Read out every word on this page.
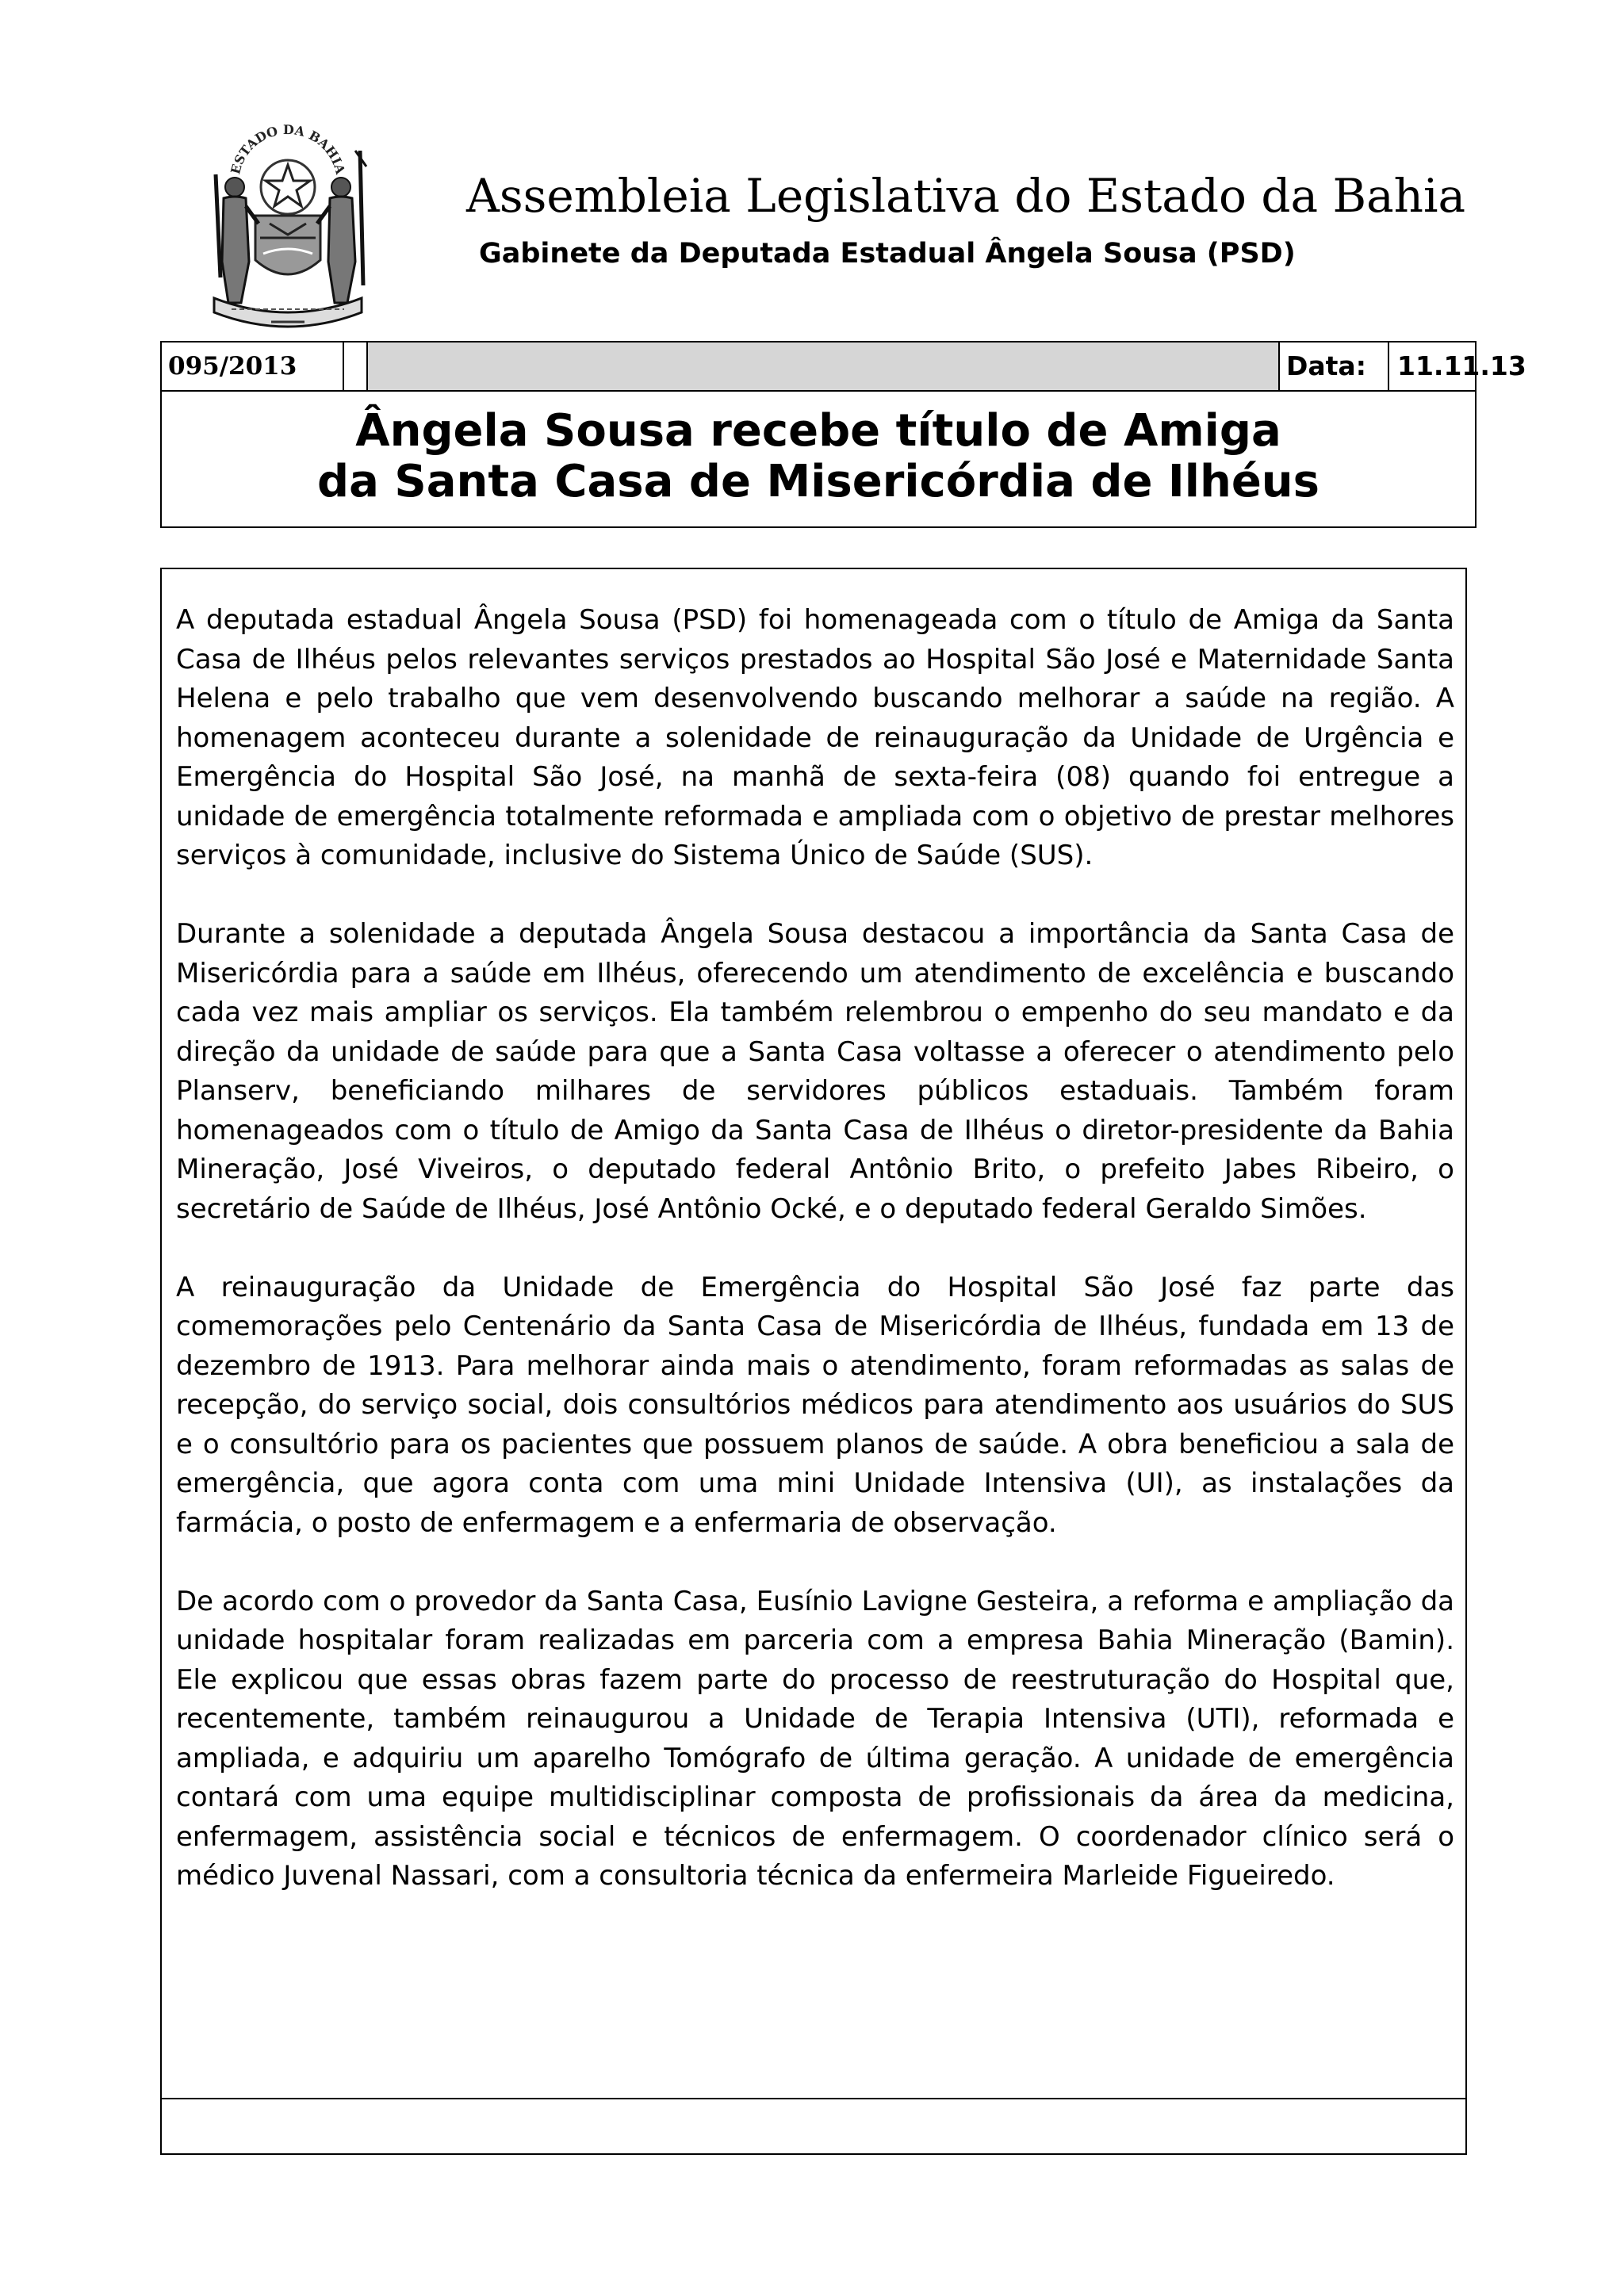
ESTADO DA BAHIA	Assembleia Legislativa do Estado da Bahia
Gabinete da Deputada Estadual Ângela Sousa (PSD)
095/2013	Data:	11.11.13
Ângela Sousa recebe título de Amiga
da Santa Casa de Misericórdia de Ilhéus

A deputada estadual Ângela Sousa (PSD) foi homenageada com o título de Amiga da Santa Casa de Ilhéus pelos relevantes serviços prestados ao Hospital São José e Maternidade Santa Helena e pelo trabalho que vem desenvolvendo buscando melhorar a saúde na região. A homenagem aconteceu durante a solenidade de reinauguração da Unidade de Urgência e Emergência do Hospital São José, na manhã de sexta-feira (08) quando foi entregue a unidade de emergência totalmente reformada e ampliada com o objetivo de prestar melhores serviços à comunidade, inclusive do Sistema Único de Saúde (SUS).

Durante a solenidade a deputada Ângela Sousa destacou a importância da Santa Casa de Misericórdia para a saúde em Ilhéus, oferecendo um atendimento de excelência e buscando cada vez mais ampliar os serviços. Ela também relembrou o empenho do seu mandato e da direção da unidade de saúde para que a Santa Casa voltasse a oferecer o atendimento pelo Planserv, beneficiando milhares de servidores públicos estaduais. Também foram homenageados com o título de Amigo da Santa Casa de Ilhéus o diretor-presidente da Bahia Mineração, José Viveiros, o deputado federal Antônio Brito, o prefeito Jabes Ribeiro, o secretário de Saúde de Ilhéus, José Antônio Ocké, e o deputado federal Geraldo Simões.

A reinauguração da Unidade de Emergência do Hospital São José faz parte das comemorações pelo Centenário da Santa Casa de Misericórdia de Ilhéus, fundada em 13 de dezembro de 1913. Para melhorar ainda mais o atendimento, foram reformadas as salas de recepção, do serviço social, dois consultórios médicos para atendimento aos usuários do SUS e o consultório para os pacientes que possuem planos de saúde. A obra beneficiou a sala de emergência, que agora conta com uma mini Unidade Intensiva (UI), as instalações da farmácia, o posto de enfermagem e a enfermaria de observação.

De acordo com o provedor da Santa Casa, Eusínio Lavigne Gesteira, a reforma e ampliação da unidade hospitalar foram realizadas em parceria com a empresa Bahia Mineração (Bamin). Ele explicou que essas obras fazem parte do processo de reestruturação do Hospital que, recentemente, também reinaugurou a Unidade de Terapia Intensiva (UTI), reformada e ampliada, e adquiriu um aparelho Tomógrafo de última geração. A unidade de emergência contará com uma equipe multidisciplinar composta de profissionais da área da medicina, enfermagem, assistência social e técnicos de enfermagem. O coordenador clínico será o médico Juvenal Nassari, com a consultoria técnica da enfermeira Marleide Figueiredo.
